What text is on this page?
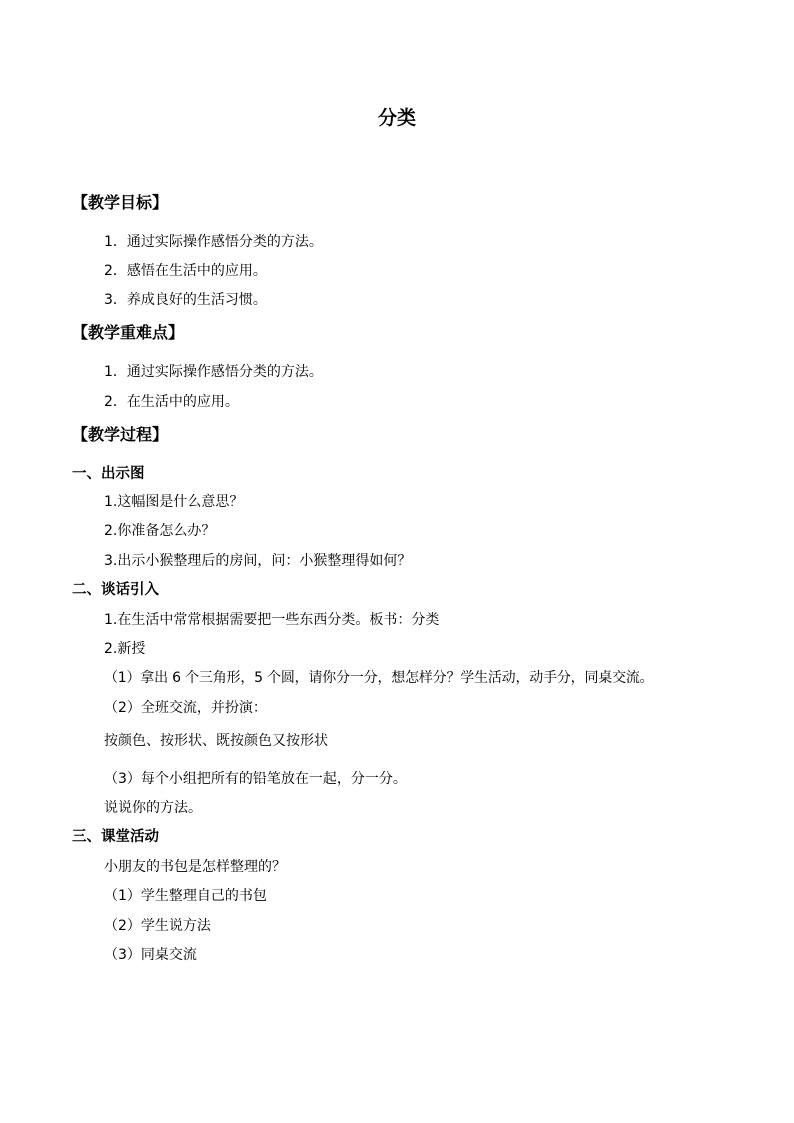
分类
【教学目标】
1．通过实际操作感悟分类的方法。
2．感悟在生活中的应用。
3．养成良好的生活习惯。
【教学重难点】
1．通过实际操作感悟分类的方法。
2．在生活中的应用。
【教学过程】
一、出示图
1.这幅图是什么意思？
2.你准备怎么办？
3.出示小猴整理后的房间，问：小猴整理得如何？
二、谈话引入
1.在生活中常常根据需要把一些东西分类。板书：分类
2.新授
（1）拿出 6 个三角形，5 个圆，请你分一分，想怎样分？学生活动，动手分，同桌交流。
（2）全班交流，并扮演：
按颜色、按形状、既按颜色又按形状
（3）每个小组把所有的铅笔放在一起，分一分。
说说你的方法。
三、课堂活动
小朋友的书包是怎样整理的？
（1）学生整理自己的书包
（2）学生说方法
（3）同桌交流
